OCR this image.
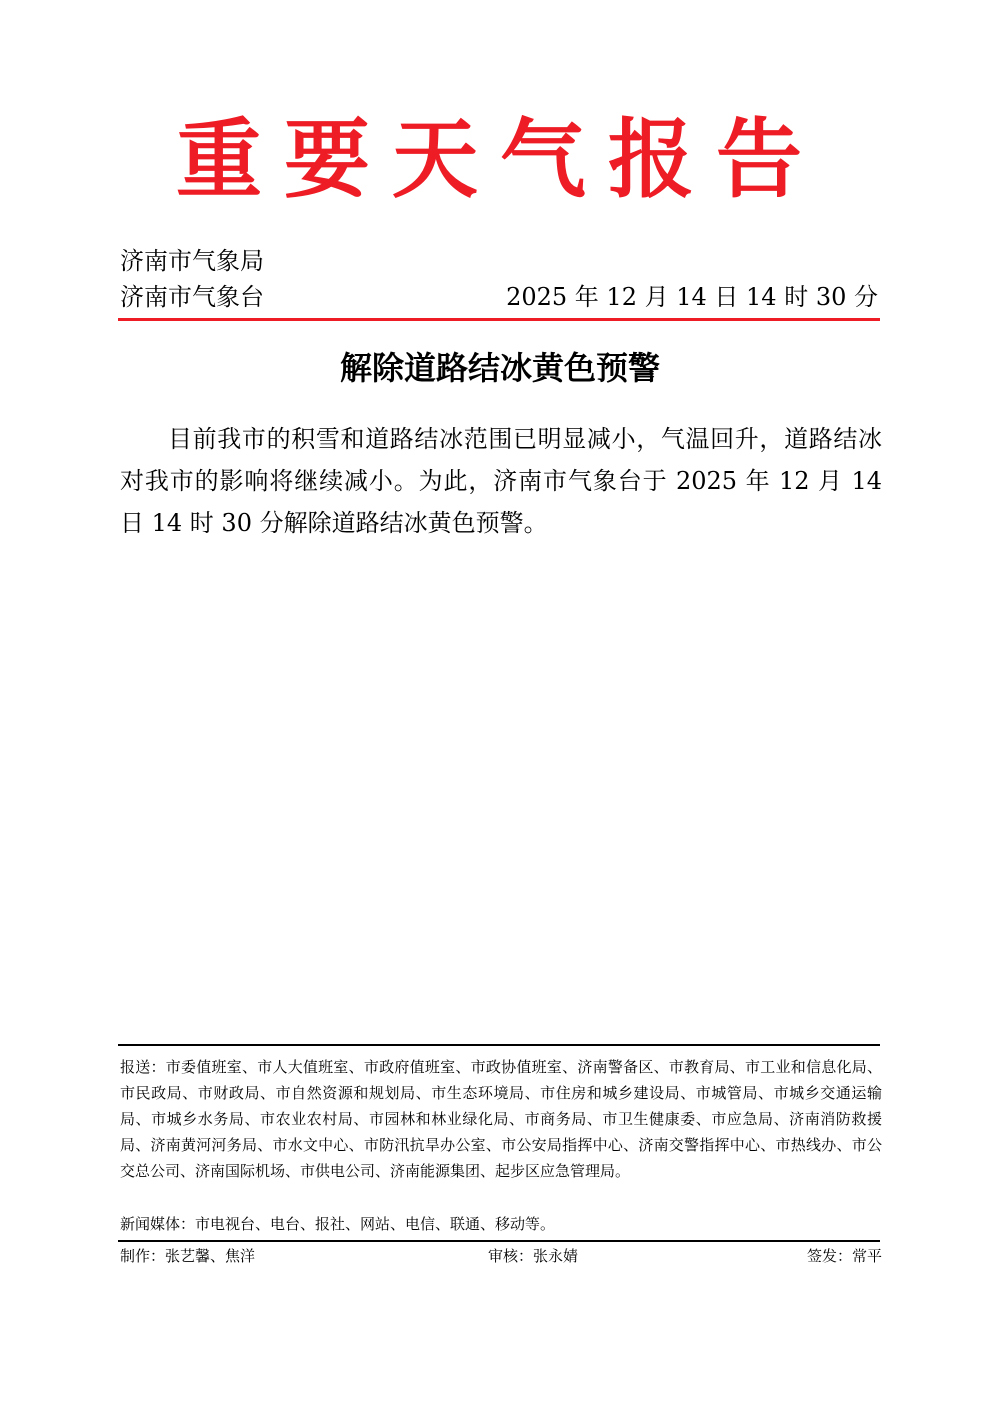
重要天气报告
济南市气象局
济南市气象台	2025 年 12 月 14 日 14 时 30 分
解除道路结冰黄色预警
目前我市的积雪和道路结冰范围已明显减小，气温回升，道路结冰对我市的影响将继续减小。为此，济南市气象台于 2025 年 12 月 14 日 14 时 30 分解除道路结冰黄色预警。
报送：市委值班室、市人大值班室、市政府值班室、市政协值班室、济南警备区、市教育局、市工业和信息化局、市民政局、市财政局、市自然资源和规划局、市生态环境局、市住房和城乡建设局、市城管局、市城乡交通运输局、市城乡水务局、市农业农村局、市园林和林业绿化局、市商务局、市卫生健康委、市应急局、济南消防救援局、济南黄河河务局、市水文中心、市防汛抗旱办公室、市公安局指挥中心、济南交警指挥中心、市热线办、市公交总公司、济南国际机场、市供电公司、济南能源集团、起步区应急管理局。
新闻媒体：市电视台、电台、报社、网站、电信、联通、移动等。
制作：张艺馨、焦洋	审核：张永婧	签发：常平
